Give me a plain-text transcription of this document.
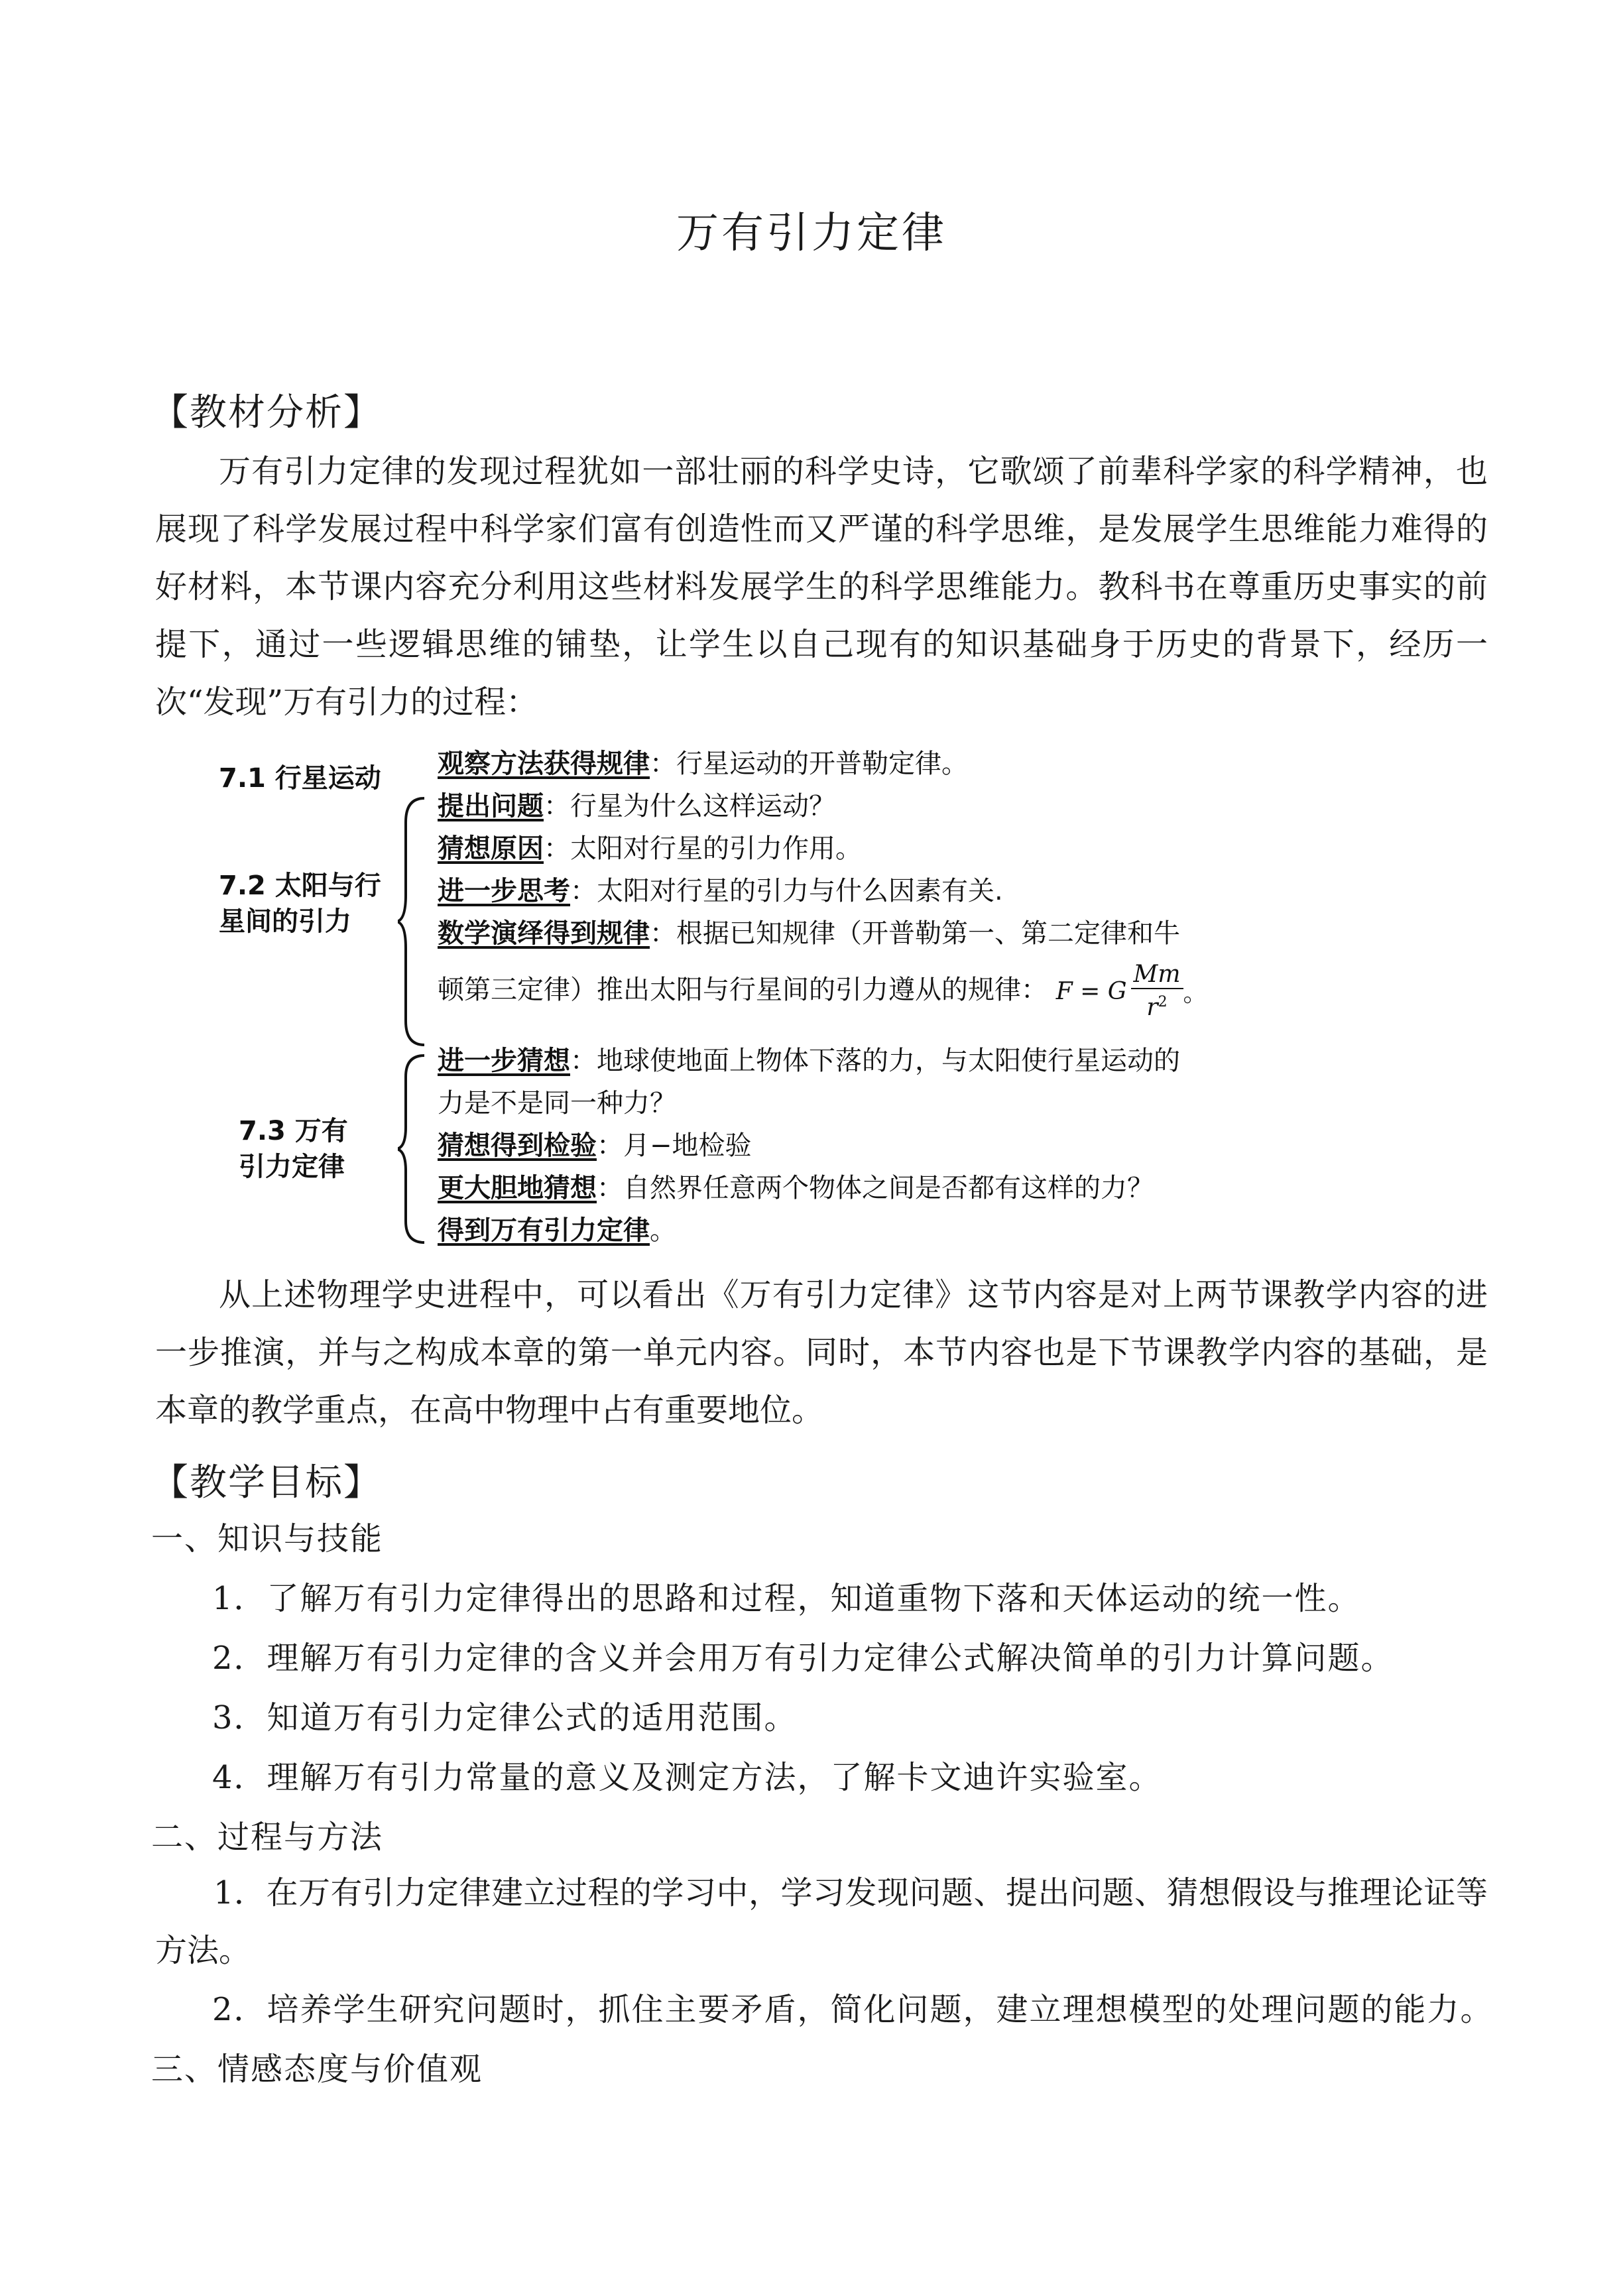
万有引力定律
【教材分析】

万有引力定律的发现过程犹如一部壮丽的科学史诗，它歌颂了前辈科学家的科学精神，也展现了科学发展过程中科学家们富有创造性而又严谨的科学思维，是发展学生思维能力难得的好材料，本节课内容充分利用这些材料发展学生的科学思维能力。教科书在尊重历史事实的前提下，通过一些逻辑思维的铺垫，让学生以自己现有的知识基础身于历史的背景下，经历一次“发现”万有引力的过程：

7.1 行星运动
7.2 太阳与行
星间的引力
7.3 万有
引力定律
观察方法获得规律：行星运动的开普勒定律。
提出问题：行星为什么这样运动？
猜想原因：太阳对行星的引力作用。
进一步思考：太阳对行星的引力与什么因素有关.
数学演绎得到规律：根据已知规律（开普勒第一、第二定律和牛
顿第三定律）推出太阳与行星间的引力遵从的规律： F = G $\frac{Mm}{r^2}$ 。
进一步猜想：地球使地面上物体下落的力，与太阳使行星运动的
力是不是同一种力？
猜想得到检验：月−地检验
更大胆地猜想：自然界任意两个物体之间是否都有这样的力？
得到万有引力定律。

从上述物理学史进程中，可以看出《万有引力定律》这节内容是对上两节课教学内容的进一步推演，并与之构成本章的第一单元内容。同时，本节内容也是下节课教学内容的基础，是本章的教学重点，在高中物理中占有重要地位。

【教学目标】
一、知识与技能
1．了解万有引力定律得出的思路和过程，知道重物下落和天体运动的统一性。
2．理解万有引力定律的含义并会用万有引力定律公式解决简单的引力计算问题。
3．知道万有引力定律公式的适用范围。
4．理解万有引力常量的意义及测定方法，了解卡文迪许实验室。
二、过程与方法

1．在万有引力定律建立过程的学习中，学习发现问题、提出问题、猜想假设与推理论证等方法。

2．培养学生研究问题时，抓住主要矛盾，简化问题，建立理想模型的处理问题的能力。
三、情感态度与价值观
